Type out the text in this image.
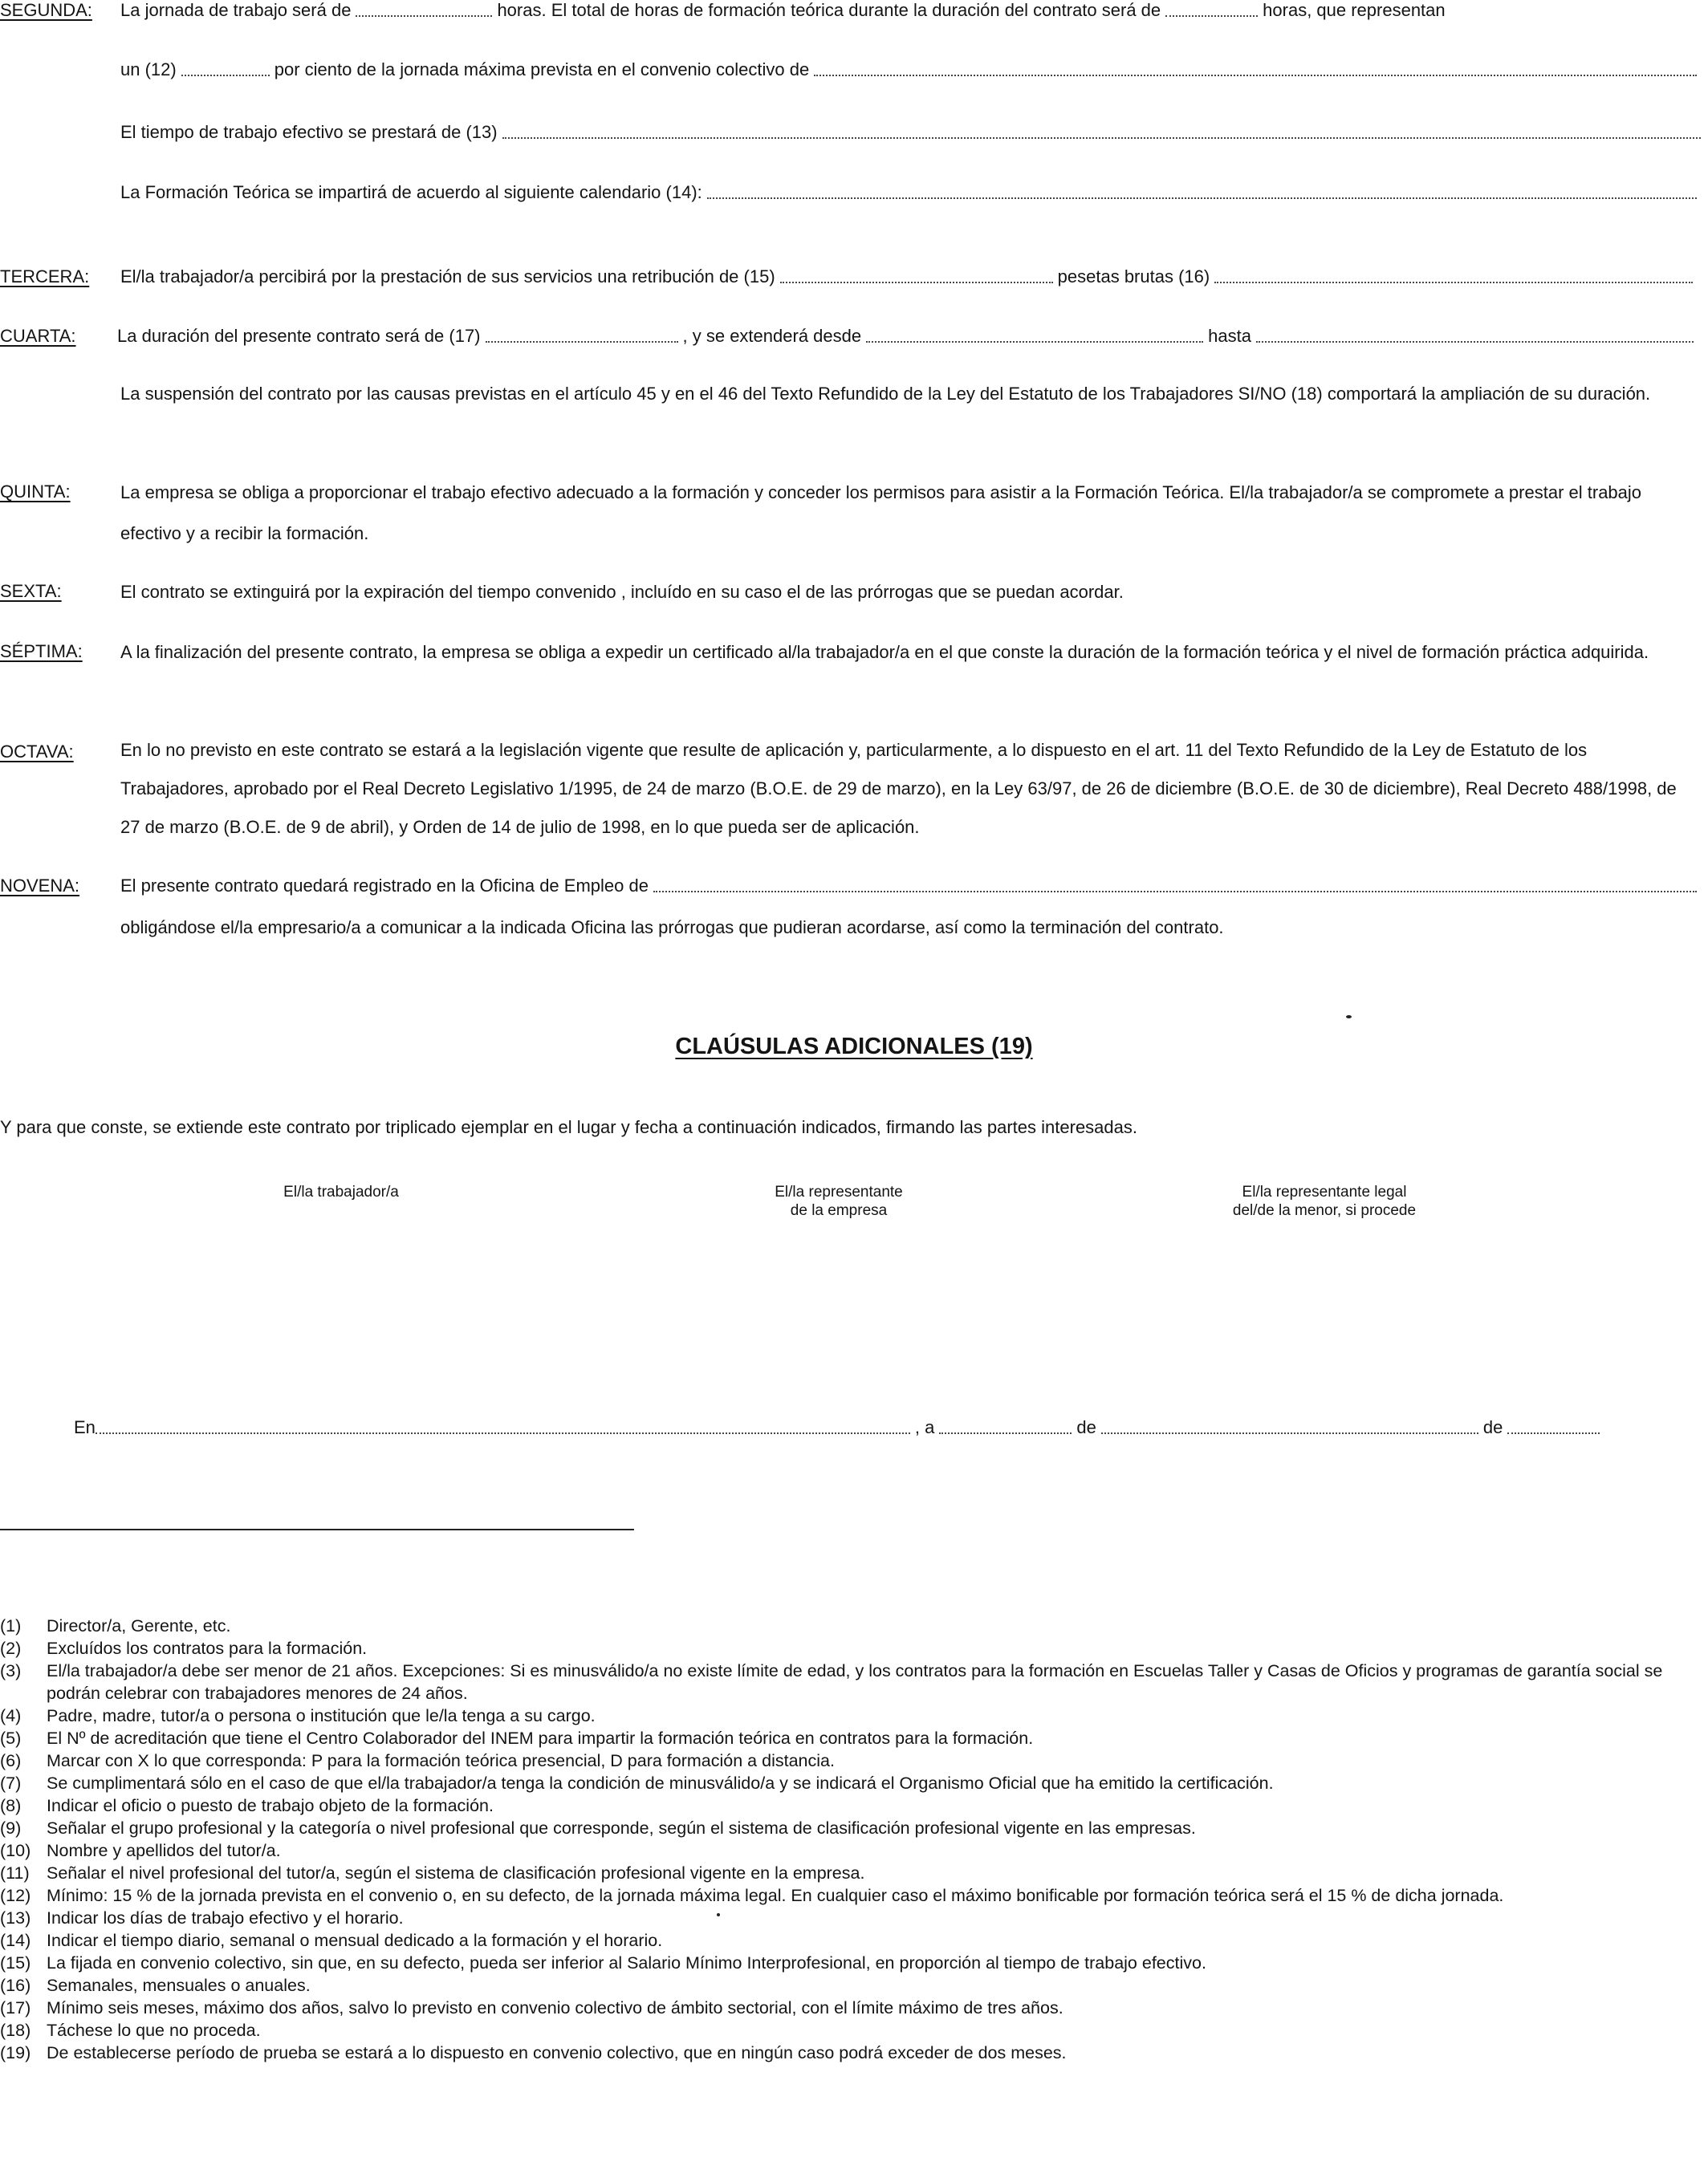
SEGUNDA: La jornada de trabajo será de	horas. El total de horas de formación teórica durante la duración del contrato será de	horas, que representan
un (12)	por ciento de la jornada máxima prevista en el convenio colectivo de
El tiempo de trabajo efectivo se prestará de (13)
La Formación Teórica se impartirá de acuerdo al siguiente calendario (14):
TERCERA: El/la trabajador/a percibirá por la prestación de sus servicios una retribución de (15)	pesetas brutas (16)
CUARTA: La duración del presente contrato será de (17)	, y se extenderá desde	hasta
La suspensión del contrato por las causas previstas en el artículo 45 y en el 46 del Texto Refundido de la Ley del Estatuto de los Trabajadores SI/NO (18) comportará la ampliación de su duración.
QUINTA:	La empresa se obliga a proporcionar el trabajo efectivo adecuado a la formación y conceder los permisos para asistir a la Formación Teórica. El/la trabajador/a se compromete a prestar el trabajo efectivo y a recibir la formación.
SEXTA:	El contrato se extinguirá por la expiración del tiempo convenido , incluído en su caso el de las prórrogas que se puedan acordar.
SÉPTIMA: A la finalización del presente contrato, la empresa se obliga a expedir un certificado al/la trabajador/a en el que conste la duración de la formación teórica y el nivel de formación práctica adquirida.
OCTAVA:	En lo no previsto en este contrato se estará a la legislación vigente que resulte de aplicación y, particularmente, a lo dispuesto en el art. 11 del Texto Refundido de la Ley de Estatuto de los Trabajadores, aprobado por el Real Decreto Legislativo 1/1995, de 24 de marzo (B.O.E. de 29 de marzo), en la Ley 63/97, de 26 de diciembre (B.O.E. de 30 de diciembre), Real Decreto 488/1998, de 27 de marzo (B.O.E. de 9 de abril), y Orden de 14 de julio de 1998, en lo que pueda ser de aplicación.
NOVENA: El presente contrato quedará registrado en la Oficina de Empleo de
obligándose el/la empresario/a a comunicar a la indicada Oficina las prórrogas que pudieran acordarse, así como la terminación del contrato.
CLAÚSULAS ADICIONALES (19)
Y para que conste, se extiende este contrato por triplicado ejemplar en el lugar y fecha a continuación indicados, firmando las partes interesadas.
El/la trabajador/a	El/la representante
de la empresa
El/la representante legal
del/de la menor, si procede
En	, a	de	de
(1)	Director/a, Gerente, etc.
(2)	Excluídos los contratos para la formación.
(3)	El/la trabajador/a debe ser menor de 21 años. Excepciones: Si es minusválido/a no existe límite de edad, y los contratos para la formación en Escuelas Taller y Casas de Oficios y programas de garantía social se podrán celebrar con trabajadores menores de 24 años.
(4)	Padre, madre, tutor/a o persona o institución que le/la tenga a su cargo.
(5)	El Nº de acreditación que tiene el Centro Colaborador del INEM para impartir la formación teórica en contratos para la formación.
(6)	Marcar con X lo que corresponda: P para la formación teórica presencial, D para formación a distancia.
(7)	Se cumplimentará sólo en el caso de que el/la trabajador/a tenga la condición de minusválido/a y se indicará el Organismo Oficial que ha emitido la certificación.
(8)	Indicar el oficio o puesto de trabajo objeto de la formación.
(9)	Señalar el grupo profesional y la categoría o nivel profesional que corresponde, según el sistema de clasificación profesional vigente en las empresas.
(10) Nombre y apellidos del tutor/a.
(11) Señalar el nivel profesional del tutor/a, según el sistema de clasificación profesional vigente en la empresa.
(12) Mínimo: 15 % de la jornada prevista en el convenio o, en su defecto, de la jornada máxima legal. En cualquier caso el máximo bonificable por formación teórica será el 15 % de dicha jornada.
(13) Indicar los días de trabajo efectivo y el horario.
(14) Indicar el tiempo diario, semanal o mensual dedicado a la formación y el horario.
(15) La fijada en convenio colectivo, sin que, en su defecto, pueda ser inferior al Salario Mínimo Interprofesional, en proporción al tiempo de trabajo efectivo.
(16) Semanales, mensuales o anuales.
(17) Mínimo seis meses, máximo dos años, salvo lo previsto en convenio colectivo de ámbito sectorial, con el límite máximo de tres años.
(18) Táchese lo que no proceda.
(19) De establecerse período de prueba se estará a lo dispuesto en convenio colectivo, que en ningún caso podrá exceder de dos meses.
